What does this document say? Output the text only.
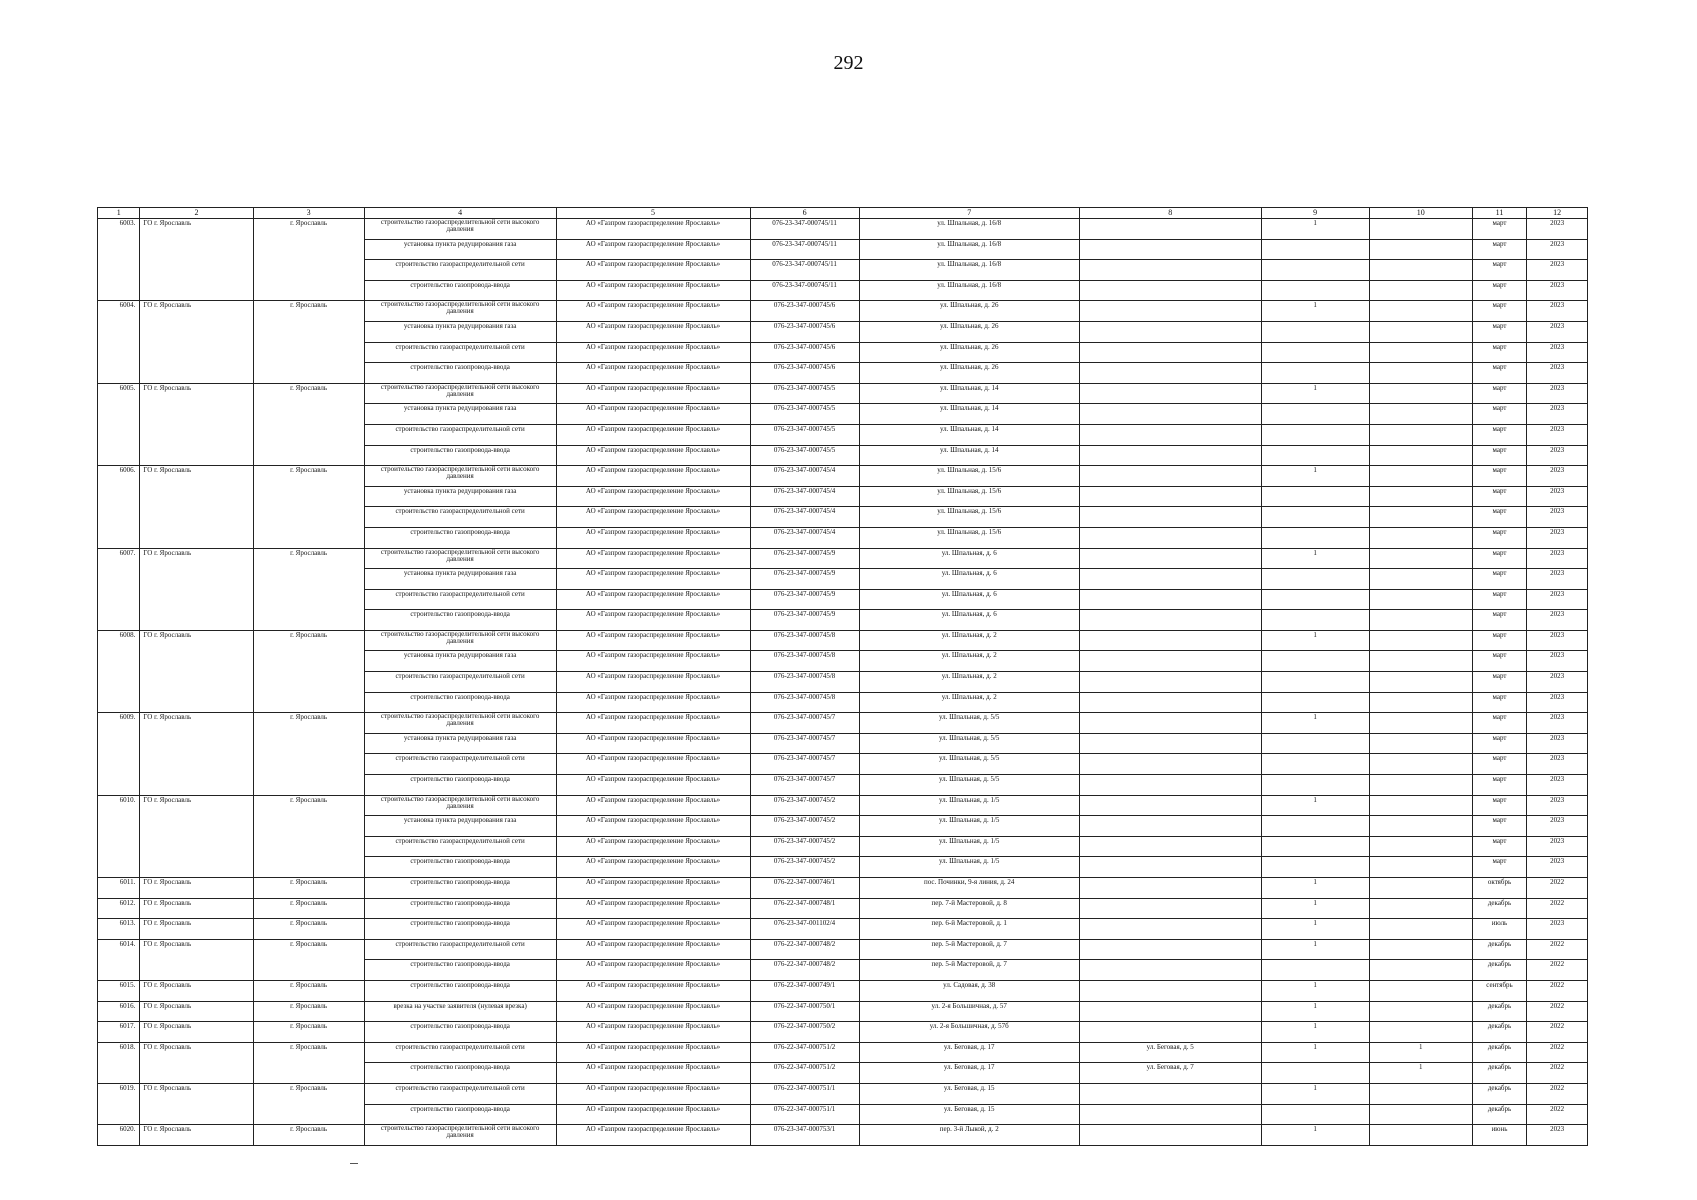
292
1	2	3	4	5	6	7	8	9	10	11	12
6003.	ГО г. Ярославль	г. Ярославль	строительство газораспределительной сети высокого давления	АО «Газпром газораспределение Ярославль»	076-23-347-000745/11	ул. Шпальная, д. 16/8		1		март	2023
			установка пункта редуцирования газа	АО «Газпром газораспределение Ярославль»	076-23-347-000745/11	ул. Шпальная, д. 16/8				март	2023
			строительство газораспределительной сети	АО «Газпром газораспределение Ярославль»	076-23-347-000745/11	ул. Шпальная, д. 16/8				март	2023
			строительство газопровода-ввода	АО «Газпром газораспределение Ярославль»	076-23-347-000745/11	ул. Шпальная, д. 16/8				март	2023
6004.	ГО г. Ярославль	г. Ярославль	строительство газораспределительной сети высокого давления	АО «Газпром газораспределение Ярославль»	076-23-347-000745/6	ул. Шпальная, д. 26		1		март	2023
			установка пункта редуцирования газа	АО «Газпром газораспределение Ярославль»	076-23-347-000745/6	ул. Шпальная, д. 26				март	2023
			строительство газораспределительной сети	АО «Газпром газораспределение Ярославль»	076-23-347-000745/6	ул. Шпальная, д. 26				март	2023
			строительство газопровода-ввода	АО «Газпром газораспределение Ярославль»	076-23-347-000745/6	ул. Шпальная, д. 26				март	2023
6005.	ГО г. Ярославль	г. Ярославль	строительство газораспределительной сети высокого давления	АО «Газпром газораспределение Ярославль»	076-23-347-000745/5	ул. Шпальная, д. 14		1		март	2023
			установка пункта редуцирования газа	АО «Газпром газораспределение Ярославль»	076-23-347-000745/5	ул. Шпальная, д. 14				март	2023
			строительство газораспределительной сети	АО «Газпром газораспределение Ярославль»	076-23-347-000745/5	ул. Шпальная, д. 14				март	2023
			строительство газопровода-ввода	АО «Газпром газораспределение Ярославль»	076-23-347-000745/5	ул. Шпальная, д. 14				март	2023
6006.	ГО г. Ярославль	г. Ярославль	строительство газораспределительной сети высокого давления	АО «Газпром газораспределение Ярославль»	076-23-347-000745/4	ул. Шпальная, д. 15/6		1		март	2023
			установка пункта редуцирования газа	АО «Газпром газораспределение Ярославль»	076-23-347-000745/4	ул. Шпальная, д. 15/6				март	2023
			строительство газораспределительной сети	АО «Газпром газораспределение Ярославль»	076-23-347-000745/4	ул. Шпальная, д. 15/6				март	2023
			строительство газопровода-ввода	АО «Газпром газораспределение Ярославль»	076-23-347-000745/4	ул. Шпальная, д. 15/6				март	2023
6007.	ГО г. Ярославль	г. Ярославль	строительство газораспределительной сети высокого давления	АО «Газпром газораспределение Ярославль»	076-23-347-000745/9	ул. Шпальная, д. 6		1		март	2023
			установка пункта редуцирования газа	АО «Газпром газораспределение Ярославль»	076-23-347-000745/9	ул. Шпальная, д. 6				март	2023
			строительство газораспределительной сети	АО «Газпром газораспределение Ярославль»	076-23-347-000745/9	ул. Шпальная, д. 6				март	2023
			строительство газопровода-ввода	АО «Газпром газораспределение Ярославль»	076-23-347-000745/9	ул. Шпальная, д. 6				март	2023
6008.	ГО г. Ярославль	г. Ярославль	строительство газораспределительной сети высокого давления	АО «Газпром газораспределение Ярославль»	076-23-347-000745/8	ул. Шпальная, д. 2		1		март	2023
			установка пункта редуцирования газа	АО «Газпром газораспределение Ярославль»	076-23-347-000745/8	ул. Шпальная, д. 2				март	2023
			строительство газораспределительной сети	АО «Газпром газораспределение Ярославль»	076-23-347-000745/8	ул. Шпальная, д. 2				март	2023
			строительство газопровода-ввода	АО «Газпром газораспределение Ярославль»	076-23-347-000745/8	ул. Шпальная, д. 2				март	2023
6009.	ГО г. Ярославль	г. Ярославль	строительство газораспределительной сети высокого давления	АО «Газпром газораспределение Ярославль»	076-23-347-000745/7	ул. Шпальная, д. 5/5		1		март	2023
			установка пункта редуцирования газа	АО «Газпром газораспределение Ярославль»	076-23-347-000745/7	ул. Шпальная, д. 5/5				март	2023
			строительство газораспределительной сети	АО «Газпром газораспределение Ярославль»	076-23-347-000745/7	ул. Шпальная, д. 5/5				март	2023
			строительство газопровода-ввода	АО «Газпром газораспределение Ярославль»	076-23-347-000745/7	ул. Шпальная, д. 5/5				март	2023
6010.	ГО г. Ярославль	г. Ярославль	строительство газораспределительной сети высокого давления	АО «Газпром газораспределение Ярославль»	076-23-347-000745/2	ул. Шпальная, д. 1/5		1		март	2023
			установка пункта редуцирования газа	АО «Газпром газораспределение Ярославль»	076-23-347-000745/2	ул. Шпальная, д. 1/5				март	2023
			строительство газораспределительной сети	АО «Газпром газораспределение Ярославль»	076-23-347-000745/2	ул. Шпальная, д. 1/5				март	2023
			строительство газопровода-ввода	АО «Газпром газораспределение Ярославль»	076-23-347-000745/2	ул. Шпальная, д. 1/5				март	2023
6011.	ГО г. Ярославль	г. Ярославль	строительство газопровода-ввода	АО «Газпром газораспределение Ярославль»	076-22-347-000746/1	пос. Починки, 9-я линия, д. 24		1		октябрь	2022
6012.	ГО г. Ярославль	г. Ярославль	строительство газопровода-ввода	АО «Газпром газораспределение Ярославль»	076-22-347-000748/1	пер. 7-й Мастеровой, д. 8		1		декабрь	2022
6013.	ГО г. Ярославль	г. Ярославль	строительство газопровода-ввода	АО «Газпром газораспределение Ярославль»	076-23-347-001102/4	пер. 6-й Мастеровой, д. 1		1		июль	2023
6014.	ГО г. Ярославль	г. Ярославль	строительство газораспределительной сети	АО «Газпром газораспределение Ярославль»	076-22-347-000748/2	пер. 5-й Мастеровой, д. 7		1		декабрь	2022
			строительство газопровода-ввода	АО «Газпром газораспределение Ярославль»	076-22-347-000748/2	пер. 5-й Мастеровой, д. 7				декабрь	2022
6015.	ГО г. Ярославль	г. Ярославль	строительство газопровода-ввода	АО «Газпром газораспределение Ярославль»	076-22-347-000749/1	ул. Садовая, д. 38		1		сентябрь	2022
6016.	ГО г. Ярославль	г. Ярославль	врезка на участке заявителя (нулевая врезка)	АО «Газпром газораспределение Ярославль»	076-22-347-000750/1	ул. 2-я Большичная, д. 57		1		декабрь	2022
6017.	ГО г. Ярославль	г. Ярославль	строительство газопровода-ввода	АО «Газпром газораспределение Ярославль»	076-22-347-000750/2	ул. 2-я Большичная, д. 57б		1		декабрь	2022
6018.	ГО г. Ярославль	г. Ярославль	строительство газораспределительной сети	АО «Газпром газораспределение Ярославль»	076-22-347-000751/2	ул. Беговая, д. 17	ул. Беговая, д. 5	1	1	декабрь	2022
			строительство газопровода-ввода	АО «Газпром газораспределение Ярославль»	076-22-347-000751/2	ул. Беговая, д. 17	ул. Беговая, д. 7		1	декабрь	2022
6019.	ГО г. Ярославль	г. Ярославль	строительство газораспределительной сети	АО «Газпром газораспределение Ярославль»	076-22-347-000751/1	ул. Беговая, д. 15		1		декабрь	2022
			строительство газопровода-ввода	АО «Газпром газораспределение Ярославль»	076-22-347-000751/1	ул. Беговая, д. 15				декабрь	2022
6020.	ГО г. Ярославль	г. Ярославль	строительство газораспределительной сети высокого давления	АО «Газпром газораспределение Ярославль»	076-23-347-000753/1	пер. 3-й Лыкой, д. 2		1		июнь	2023
